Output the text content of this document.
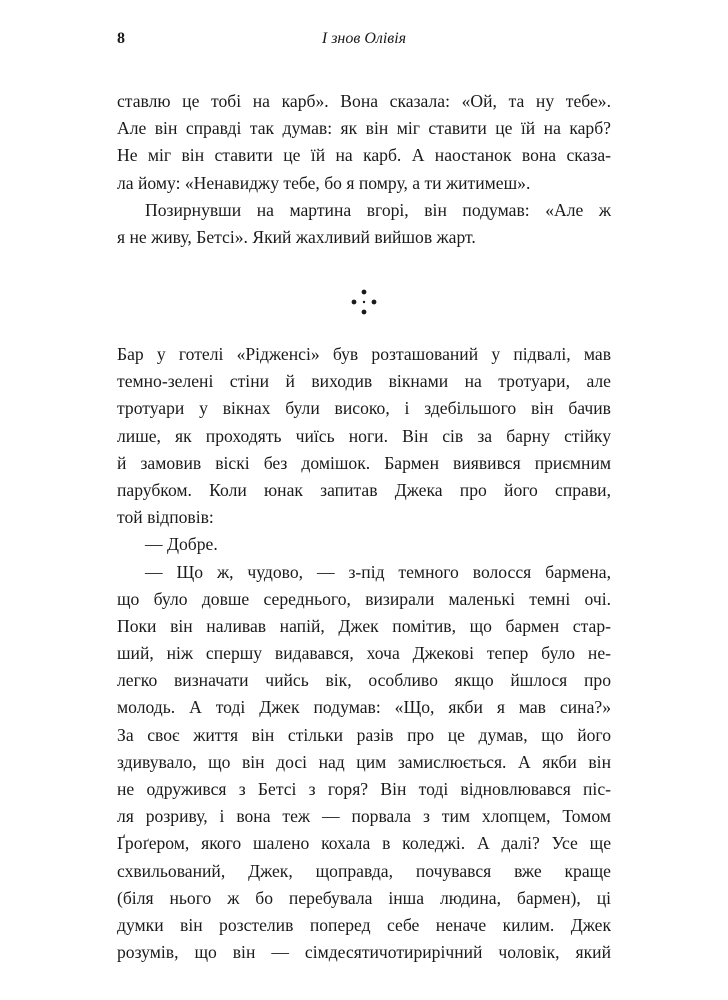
8	І знов Олівія
ставлю це тобі на карб». Вона сказала: «Ой, та ну тебе».
Але він справді так думав: як він міг ставити це їй на карб?
Не міг він ставити це їй на карб. А наостанок вона сказа-
ла йому: «Ненавиджу тебе, бо я помру, а ти житимеш».
Позирнувши на мартина вгорі, він подумав: «Але ж
я не живу, Бетсі». Який жахливий вийшов жарт.
Бар у готелі «Рідженсі» був розташований у підвалі, мав
темно-зелені стіни й виходив вікнами на тротуари, але
тротуари у вікнах були високо, і здебільшого він бачив
лише, як проходять чиїсь ноги. Він сів за барну стійку
й замовив віскі без домішок. Бармен виявився приємним
парубком. Коли юнак запитав Джека про його справи,
той відповів:
— Добре.
— Що ж, чудово, — з-під темного волосся бармена,
що було довше середнього, визирали маленькі темні очі.
Поки він наливав напій, Джек помітив, що бармен стар-
ший, ніж спершу видавався, хоча Джекові тепер було не-
легко визначати чийсь вік, особливо якщо йшлося про
молодь. А тоді Джек подумав: «Що, якби я мав сина?»
За своє життя він стільки разів про це думав, що його
здивувало, що він досі над цим замислюється. А якби він
не одружився з Бетсі з горя? Він тоді відновлювався піс-
ля розриву, і вона теж — порвала з тим хлопцем, Томом
Ґроґером, якого шалено кохала в коледжі. А далі? Усе ще
схвильований, Джек, щоправда, почувався вже краще
(біля нього ж бо перебувала інша людина, бармен), ці
думки він розстелив поперед себе неначе килим. Джек
розумів, що він — сімдесятичотирирічний чоловік, який
